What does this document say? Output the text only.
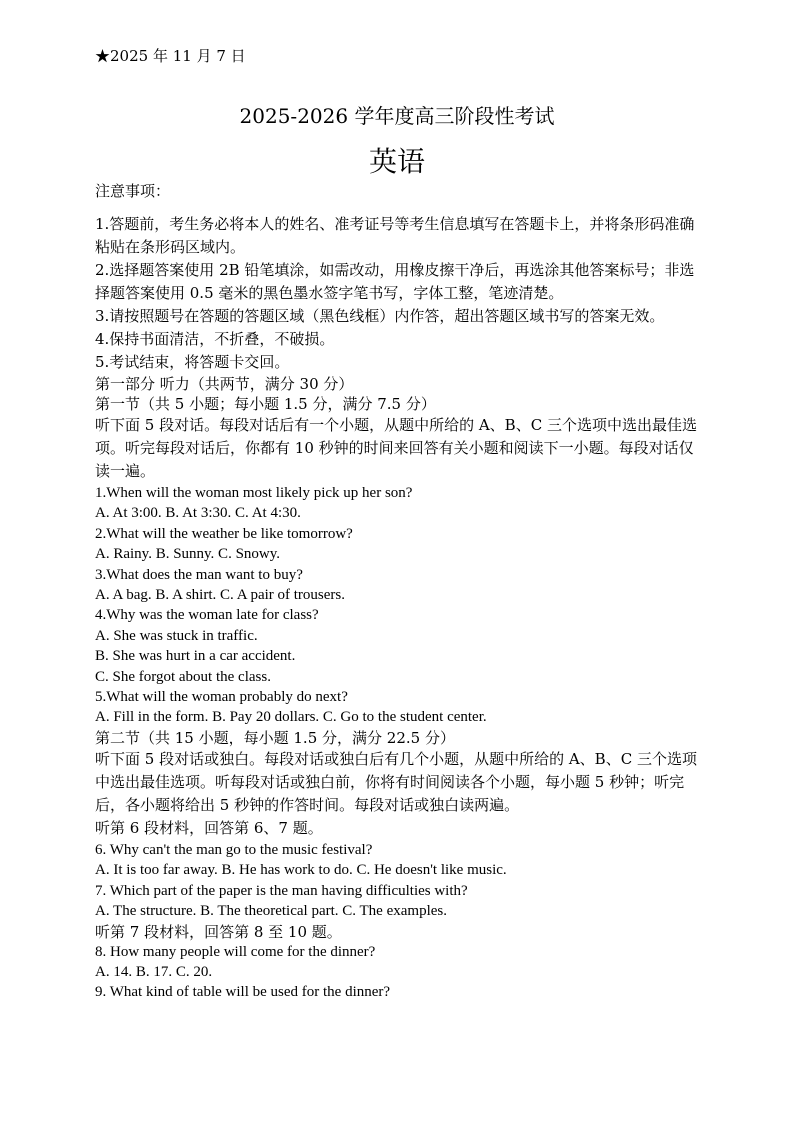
★2025 年 11 月 7 日
2025-2026 学年度高三阶段性考试
英语

注意事项：

1.答题前，考生务必将本人的姓名、准考证号等考生信息填写在答题卡上，并将条形码准确粘贴在条形码区域内。

2.选择题答案使用 2B 铅笔填涂，如需改动，用橡皮擦干净后，再选涂其他答案标号；非选择题答案使用 0.5 毫米的黑色墨水签字笔书写，字体工整，笔迹清楚。

3.请按照题号在答题的答题区域（黑色线框）内作答，超出答题区域书写的答案无效。

4.保持书面清洁，不折叠，不破损。

5.考试结束，将答题卡交回。

第一部分 听力（共两节，满分 30 分）

第一节（共 5 小题；每小题 1.5 分，满分 7.5 分）

听下面 5 段对话。每段对话后有一个小题，从题中所给的 A、B、C 三个选项中选出最佳选项。听完每段对话后，你都有 10 秒钟的时间来回答有关小题和阅读下一小题。每段对话仅读一遍。

1.When will the woman most likely pick up her son?

A. At 3:00. B. At 3:30. C. At 4:30.

2.What will the weather be like tomorrow?

A. Rainy. B. Sunny. C. Snowy.

3.What does the man want to buy?

A. A bag. B. A shirt. C. A pair of trousers.

4.Why was the woman late for class?

A. She was stuck in traffic.

B. She was hurt in a car accident.

C. She forgot about the class.

5.What will the woman probably do next?

A. Fill in the form. B. Pay 20 dollars. C. Go to the student center.

第二节（共 15 小题，每小题 1.5 分，满分 22.5 分）

听下面 5 段对话或独白。每段对话或独白后有几个小题，从题中所给的 A、B、C 三个选项中选出最佳选项。听每段对话或独白前，你将有时间阅读各个小题，每小题 5 秒钟；听完后，各小题将给出 5 秒钟的作答时间。每段对话或独白读两遍。

听第 6 段材料，回答第 6、7 题。

6. Why can't the man go to the music festival?

A. It is too far away. B. He has work to do. C. He doesn't like music.

7. Which part of the paper is the man having difficulties with?

A. The structure. B. The theoretical part. C. The examples.

听第 7 段材料，回答第 8 至 10 题。

8. How many people will come for the dinner?

A. 14. B. 17. C. 20.

9. What kind of table will be used for the dinner?
